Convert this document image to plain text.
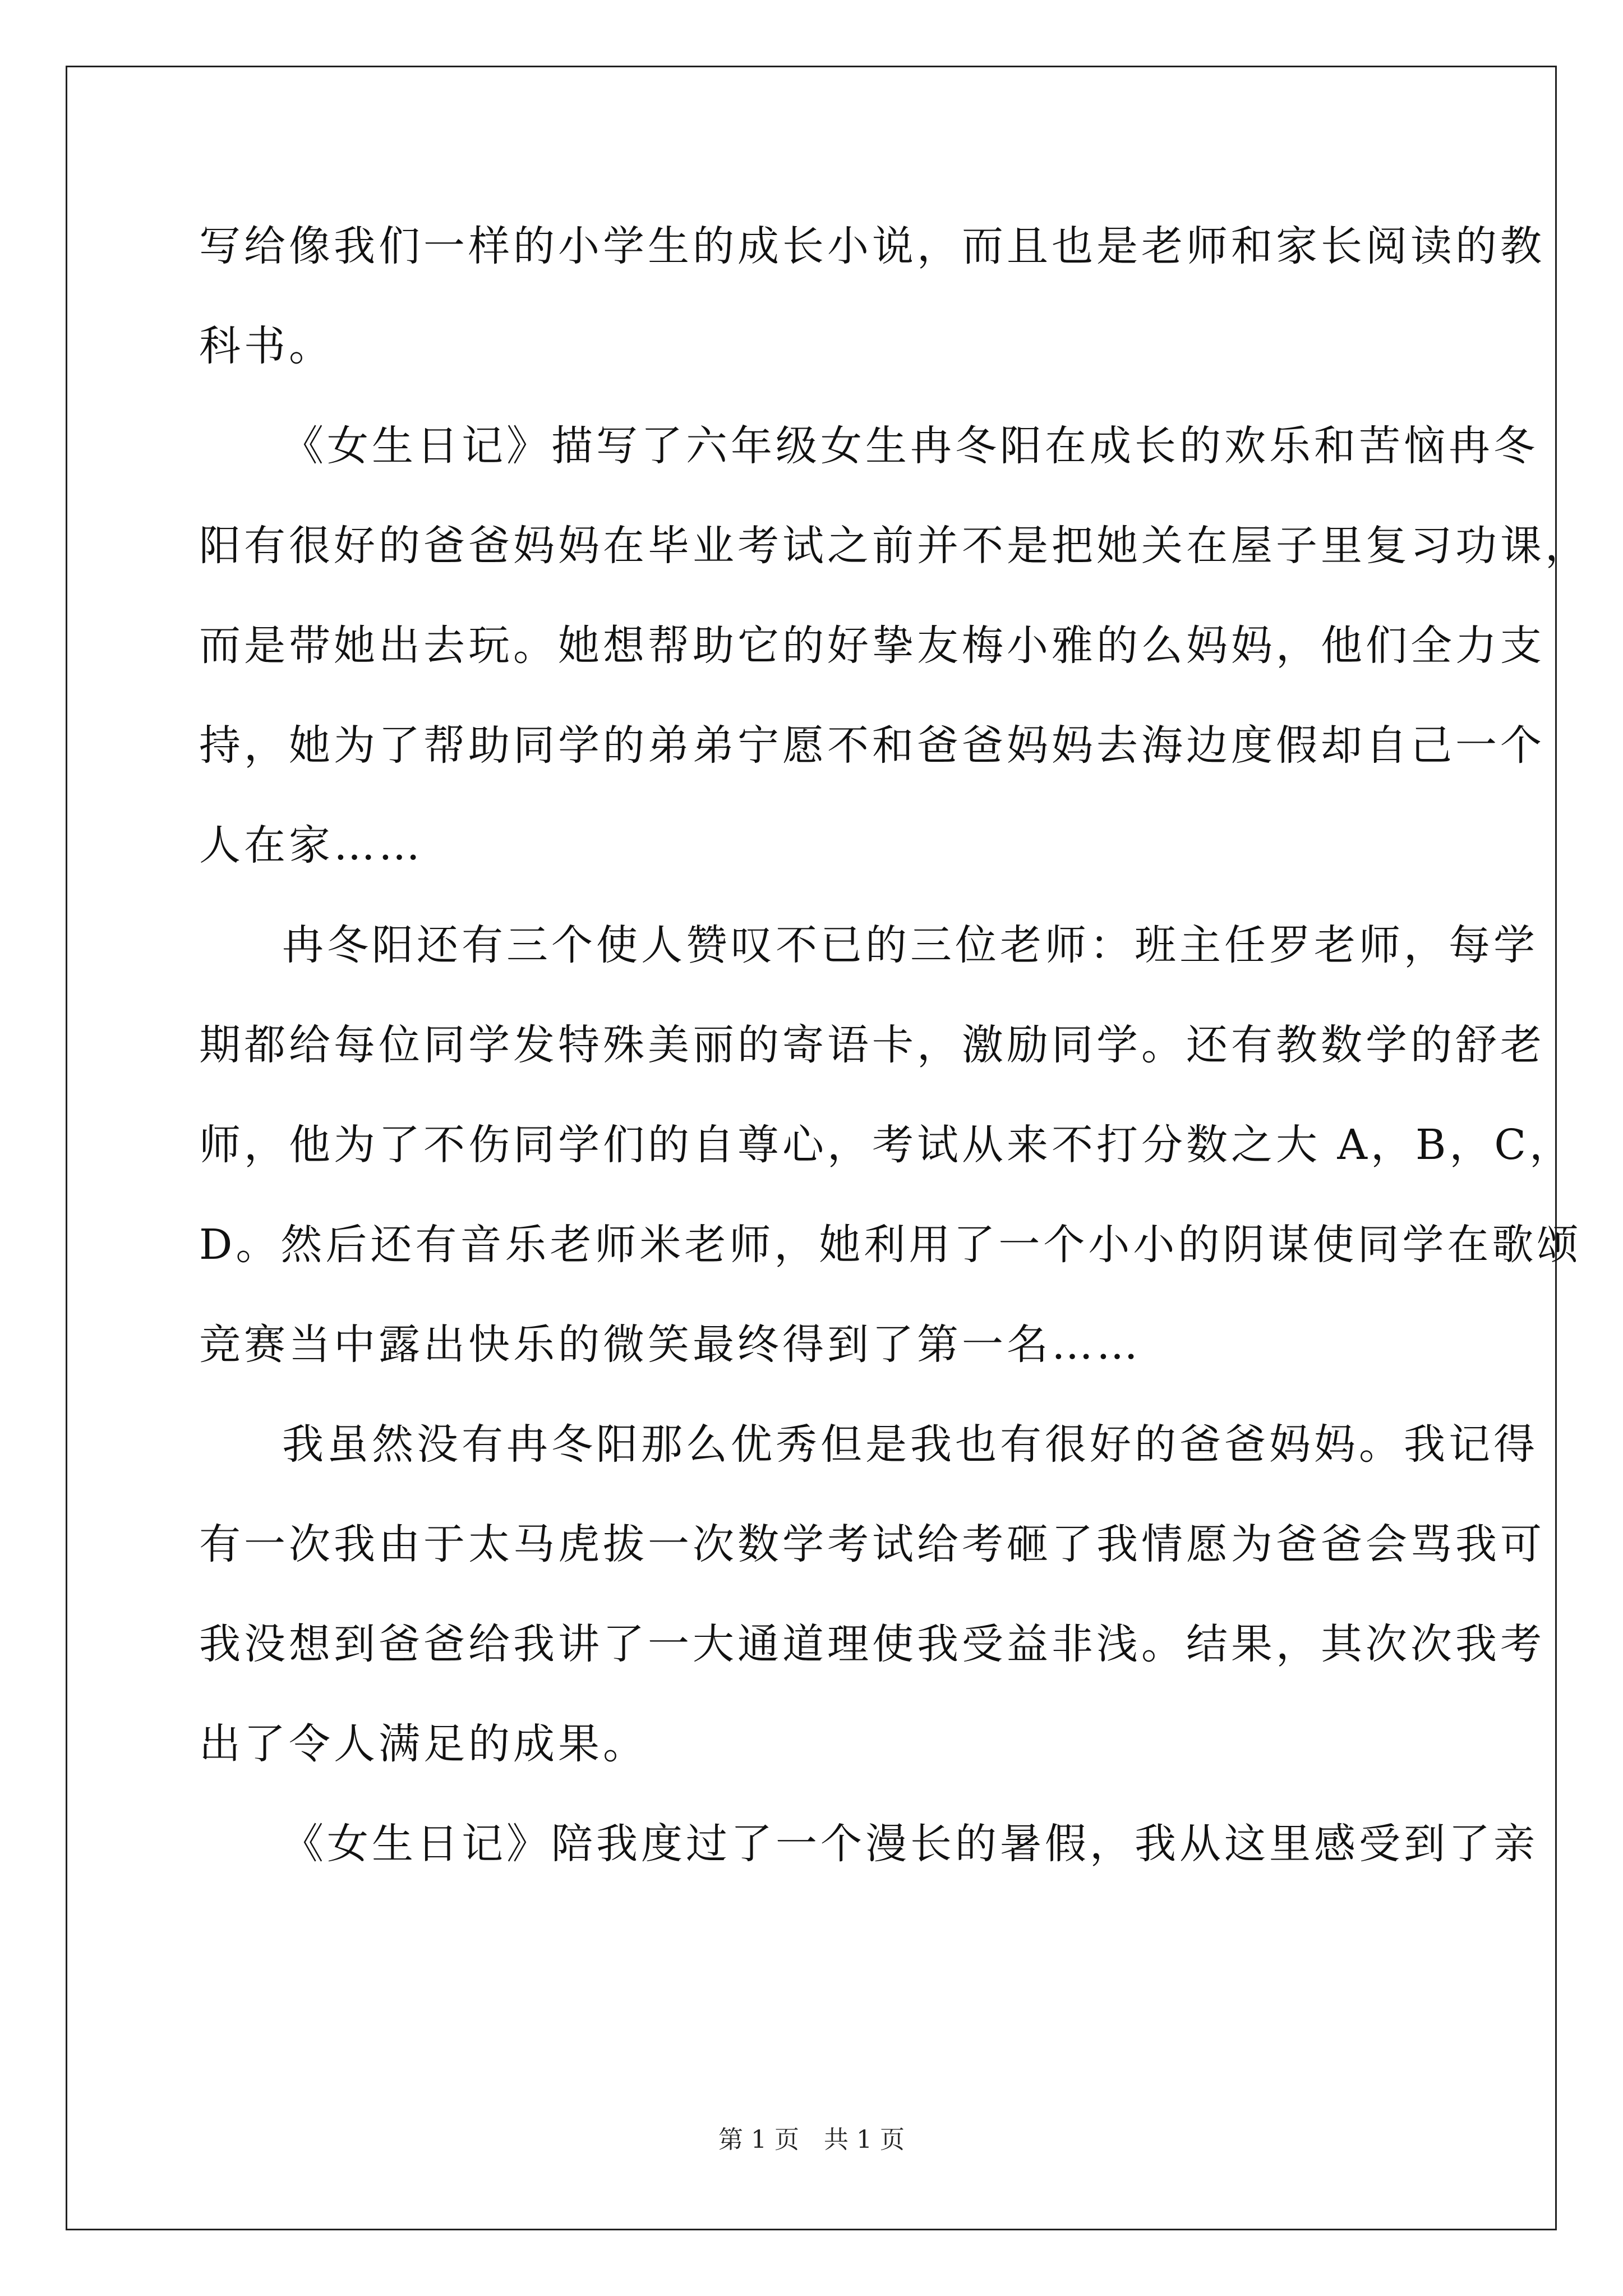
写给像我们一样的小学生的成长小说，而且也是老师和家长阅读的教
科书。
《女生日记》描写了六年级女生冉冬阳在成长的欢乐和苦恼冉冬
阳有很好的爸爸妈妈在毕业考试之前并不是把她关在屋子里复习功课，
而是带她出去玩。她想帮助它的好挚友梅小雅的么妈妈，他们全力支
持，她为了帮助同学的弟弟宁愿不和爸爸妈妈去海边度假却自己一个
人在家……
冉冬阳还有三个使人赞叹不已的三位老师：班主任罗老师，每学
期都给每位同学发特殊美丽的寄语卡，激励同学。还有教数学的舒老
师，他为了不伤同学们的自尊心，考试从来不打分数之大 A，B，C，
D。然后还有音乐老师米老师，她利用了一个小小的阴谋使同学在歌颂
竞赛当中露出快乐的微笑最终得到了第一名……
我虽然没有冉冬阳那么优秀但是我也有很好的爸爸妈妈。我记得
有一次我由于太马虎拔一次数学考试给考砸了我情愿为爸爸会骂我可
我没想到爸爸给我讲了一大通道理使我受益非浅。结果，其次次我考
出了令人满足的成果。
《女生日记》陪我度过了一个漫长的暑假，我从这里感受到了亲
第 1 页　共 1 页
